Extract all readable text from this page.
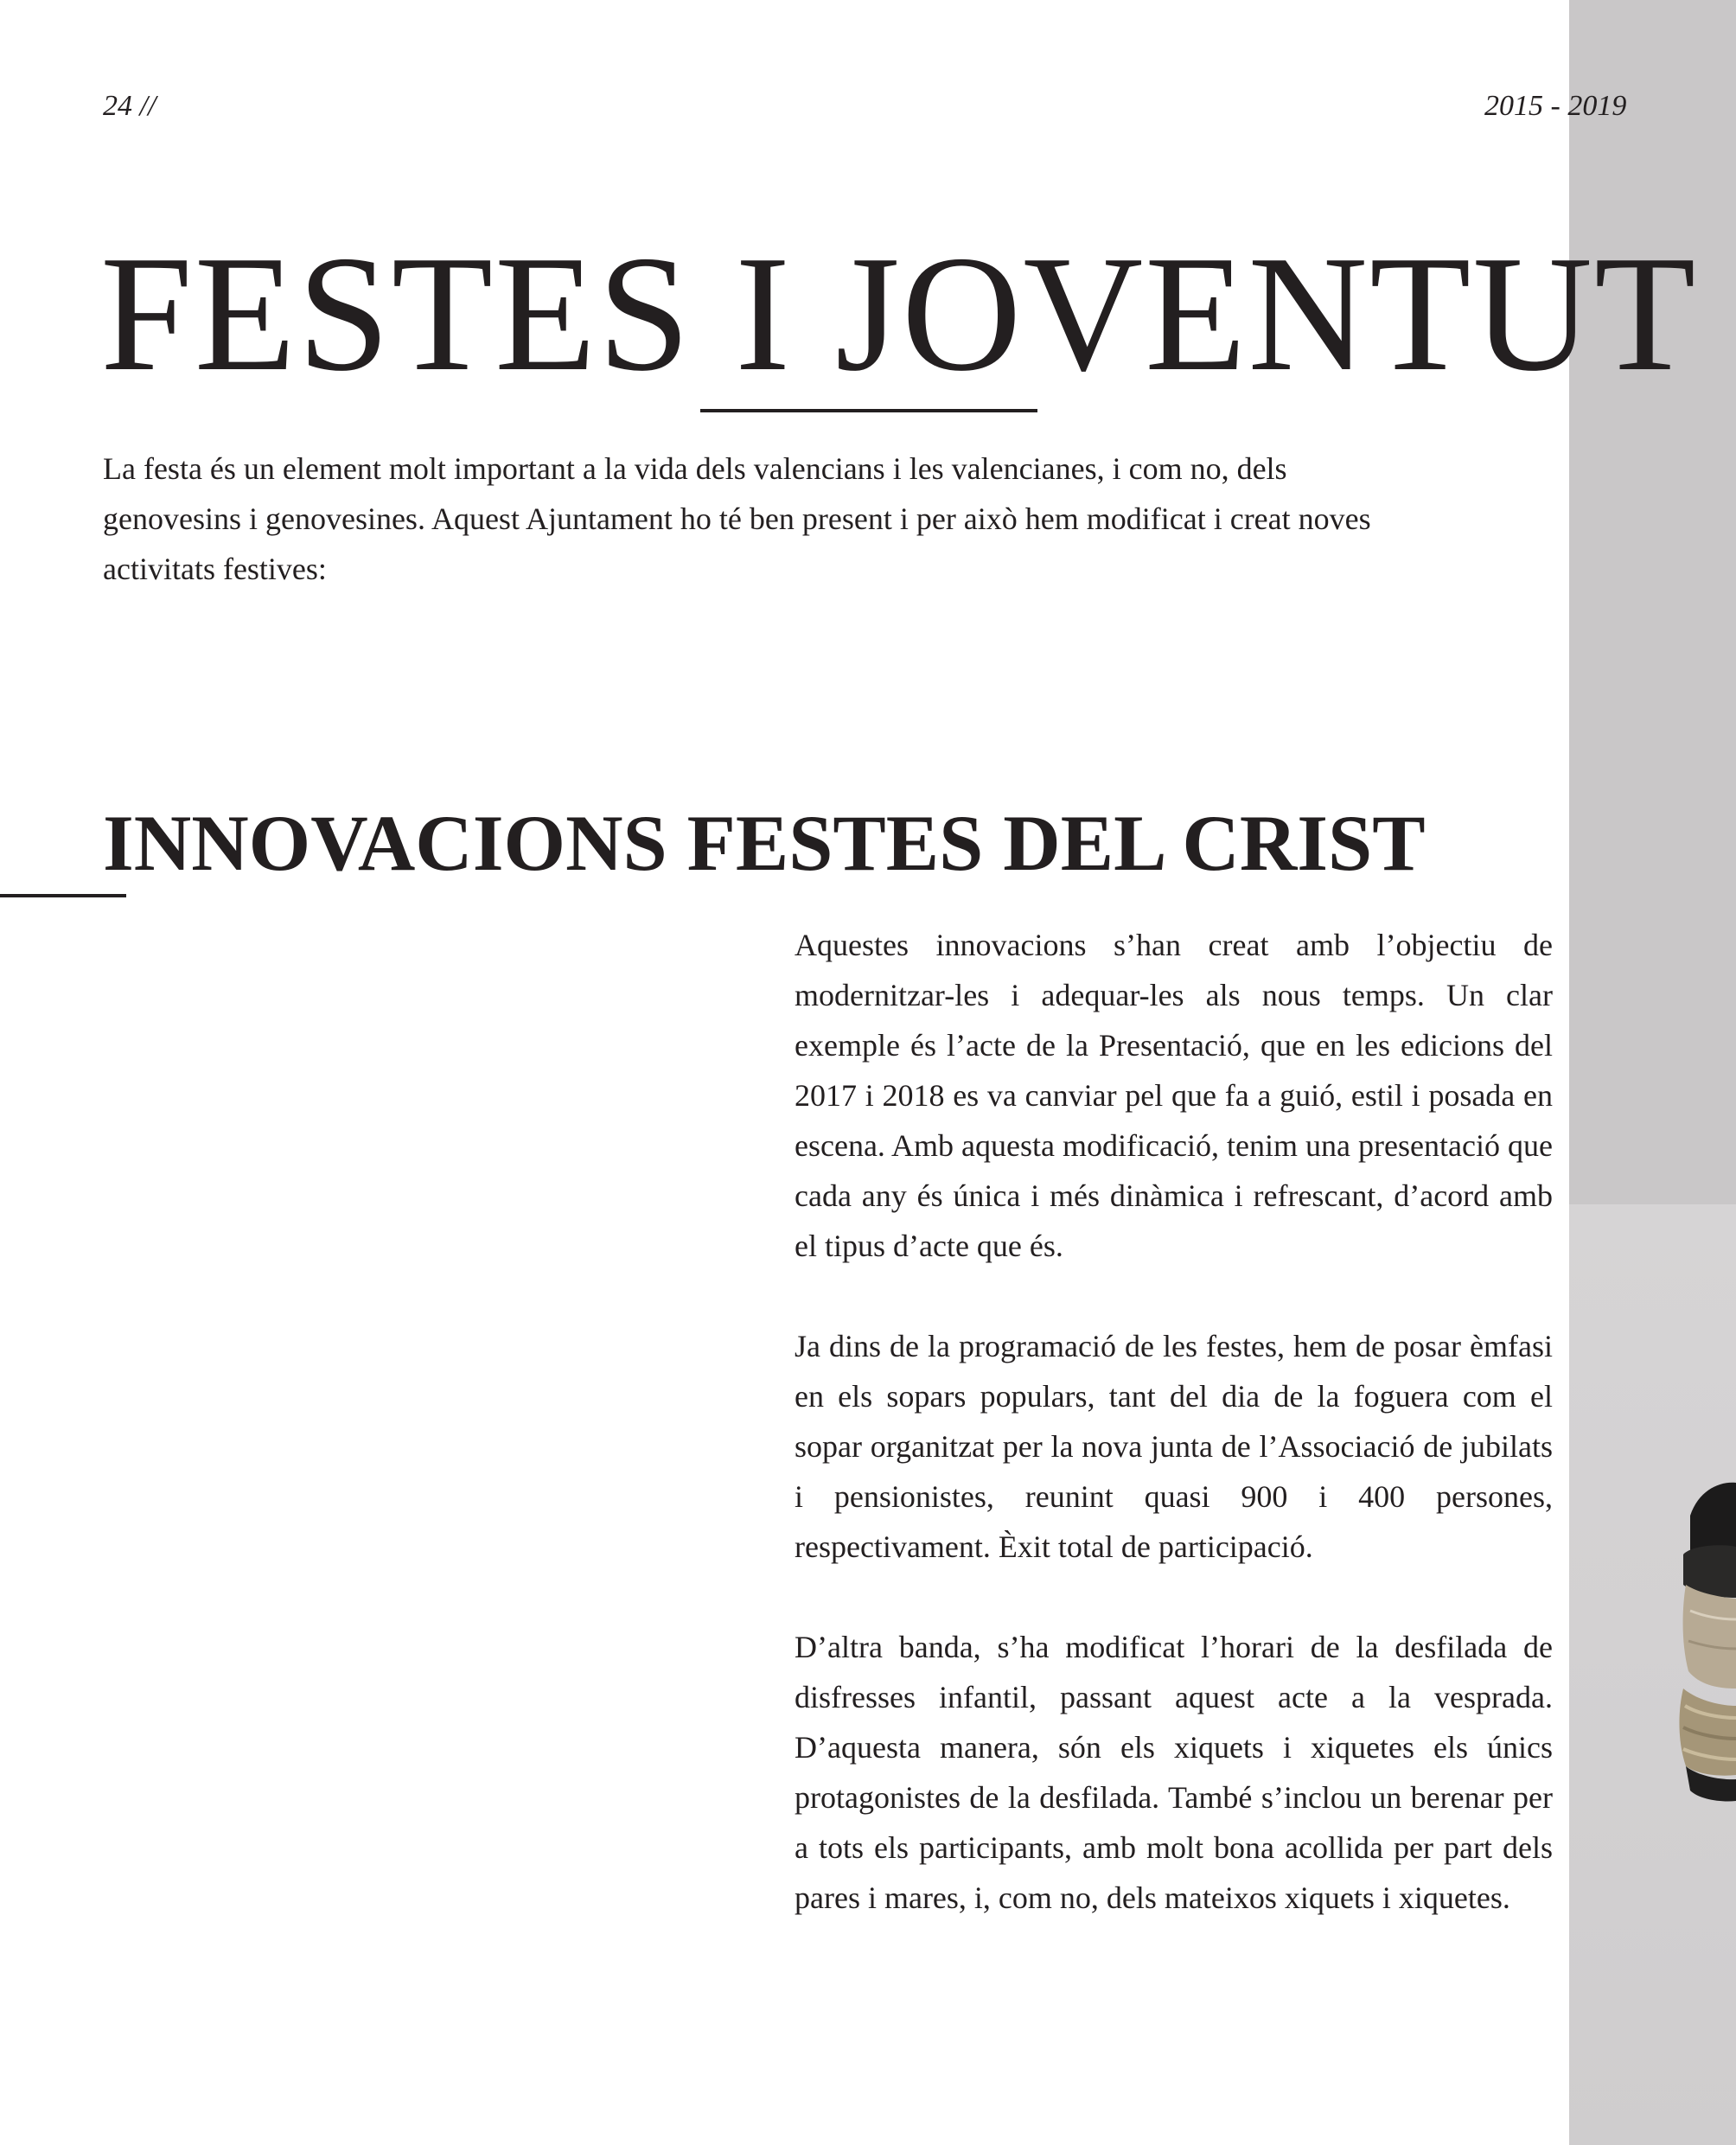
24 //	2015 - 2019
FESTES I JOVENTUT

La festa és un element molt important a la vida dels valencians i les valencianes, i com no, dels genovesins i genovesines. Aquest Ajuntament ho té ben present i per això hem modificat i creat noves activitats festives:

INNOVACIONS FESTES DEL CRIST

Aquestes innovacions s’han creat amb l’objectiu de modernitzar-les i adequar-les als nous temps. Un clar exemple és l’acte de la Presentació, que en les edicions del 2017 i 2018 es va canviar pel que fa a guió, estil i posada en escena. Amb aquesta modificació, tenim una presentació que cada any és única i més dinàmica i refrescant, d’acord amb el tipus d’acte que és.

Ja dins de la programació de les festes, hem de posar èmfasi en els sopars populars, tant del dia de la foguera com el sopar organitzat per la nova junta de l’Associació de jubilats i pensionistes, reunint quasi 900 i 400 persones, respectivament. Èxit total de participació.

D’altra banda, s’ha modificat l’horari de la desfilada de disfresses infantil, passant aquest acte a la vesprada. D’aquesta manera, són els xiquets i xiquetes els únics protagonistes de la desfilada. També s’inclou un berenar per a tots els participants, amb molt bona acollida per part dels pares i mares, i, com no, dels mateixos xiquets i xiquetes.
